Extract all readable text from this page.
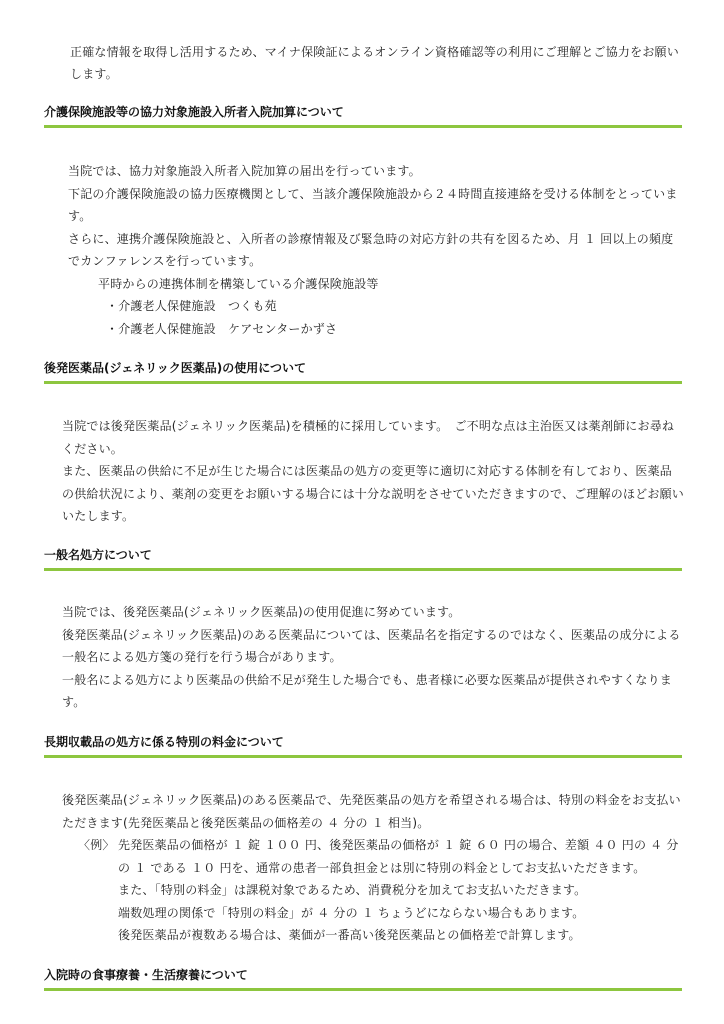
正確な情報を取得し活用するため、マイナ保険証によるオンライン資格確認等の利用にご理解とご協力をお願いします。

介護保険施設等の協力対象施設入所者入院加算について

当院では、協力対象施設入所者入院加算の届出を行っています。

下記の介護保険施設の協力医療機関として、当該介護保険施設から２４時間直接連絡を受ける体制をとっています。

さらに、連携介護保険施設と、入所者の診療情報及び緊急時の対応方針の共有を図るため、月 １ 回以上の頻度でカンファレンスを行っています。

平時からの連携体制を構築している介護保険施設等

・介護老人保健施設　つくも苑

・介護老人保健施設　ケアセンターかずさ

後発医薬品(ジェネリック医薬品)の使用について

当院では後発医薬品(ジェネリック医薬品)を積極的に採用しています。　ご不明な点は主治医又は薬剤師にお尋ねください。

また、医薬品の供給に不足が生じた場合には医薬品の処方の変更等に適切に対応する体制を有しており、医薬品の供給状況により、薬剤の変更をお願いする場合には十分な説明をさせていただきますので、ご理解のほどお願いいたします。

一般名処方について

当院では、後発医薬品(ジェネリック医薬品)の使用促進に努めています。

後発医薬品(ジェネリック医薬品)のある医薬品については、医薬品名を指定するのではなく、医薬品の成分による一般名による処方箋の発行を行う場合があります。

一般名による処方により医薬品の供給不足が発生した場合でも、患者様に必要な医薬品が提供されやすくなります。

長期収載品の処方に係る特別の料金について

後発医薬品(ジェネリック医薬品)のある医薬品で、先発医薬品の処方を希望される場合は、特別の料金をお支払いただきます(先発医薬品と後発医薬品の価格差の ４ 分の １ 相当)。

〈例〉 先発医薬品の価格が １ 錠 １００ 円、後発医薬品の価格が １ 錠 ６０ 円の場合、差額 ４０ 円の ４ 分の １ である １０ 円を、通常の患者一部負担金とは別に特別の料金としてお支払いただきます。

また、「特別の料金」は課税対象であるため、消費税分を加えてお支払いただきます。

端数処理の関係で「特別の料金」が ４ 分の １ ちょうどにならない場合もあります。

後発医薬品が複数ある場合は、薬価が一番高い後発医薬品との価格差で計算します。

入院時の食事療養・生活療養について
